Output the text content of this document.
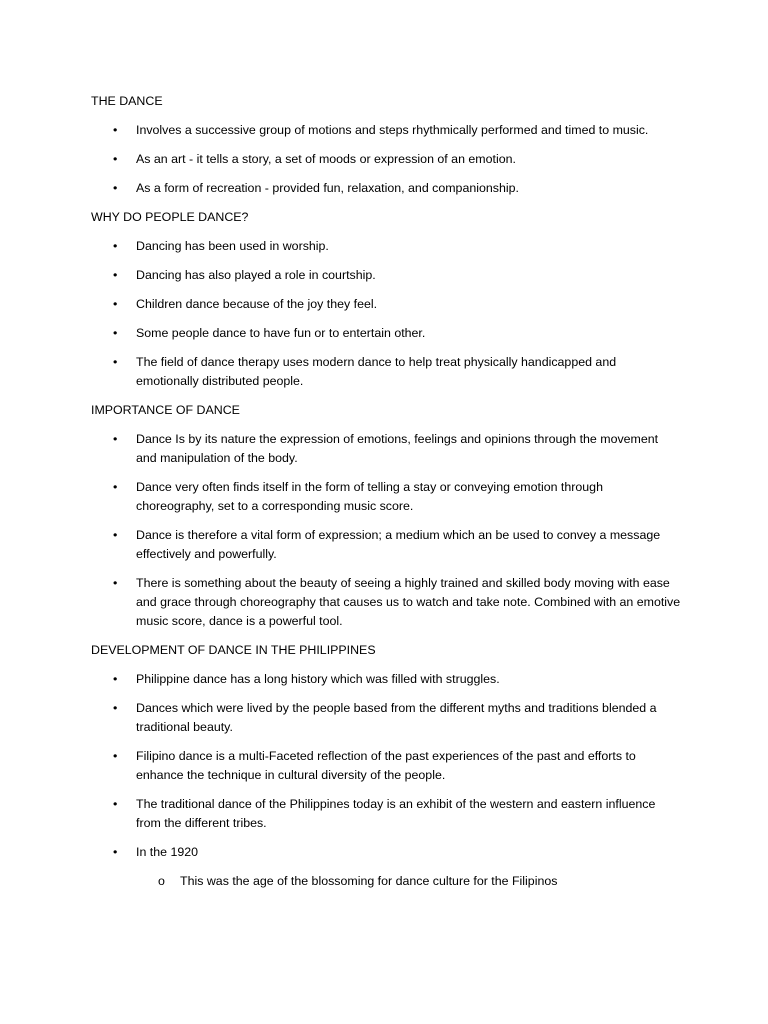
THE DANCE
•	Involves a successive group of motions and steps rhythmically performed and timed to music.
•	As an art - it tells a story, a set of moods or expression of an emotion.
•	As a form of recreation - provided fun, relaxation, and companionship.
WHY DO PEOPLE DANCE?
•	Dancing has been used in worship.
•	Dancing has also played a role in courtship.
•	Children dance because of the joy they feel.
•	Some people dance to have fun or to entertain other.
•	The field of dance therapy uses modern dance to help treat physically handicapped and emotionally distributed people.
IMPORTANCE OF DANCE
•	Dance Is by its nature the expression of emotions, feelings and opinions through the movement and manipulation of the body.
•	Dance very often finds itself in the form of telling a stay or conveying emotion through choreography, set to a corresponding music score.
•	Dance is therefore a vital form of expression; a medium which an be used to convey a message effectively and powerfully.
•	There is something about the beauty of seeing a highly trained and skilled body moving with ease and grace through choreography that causes us to watch and take note. Combined with an emotive music score, dance is a powerful tool.
DEVELOPMENT OF DANCE IN THE PHILIPPINES
•	Philippine dance has a long history which was filled with struggles.
•	Dances which were lived by the people based from the different myths and traditions blended a traditional beauty.
•	Filipino dance is a multi-Faceted reflection of the past experiences of the past and efforts to enhance the technique in cultural diversity of the people.
•	The traditional dance of the Philippines today is an exhibit of the western and eastern influence from the different tribes.
•	In the 1920
o This was the age of the blossoming for dance culture for the Filipinos
